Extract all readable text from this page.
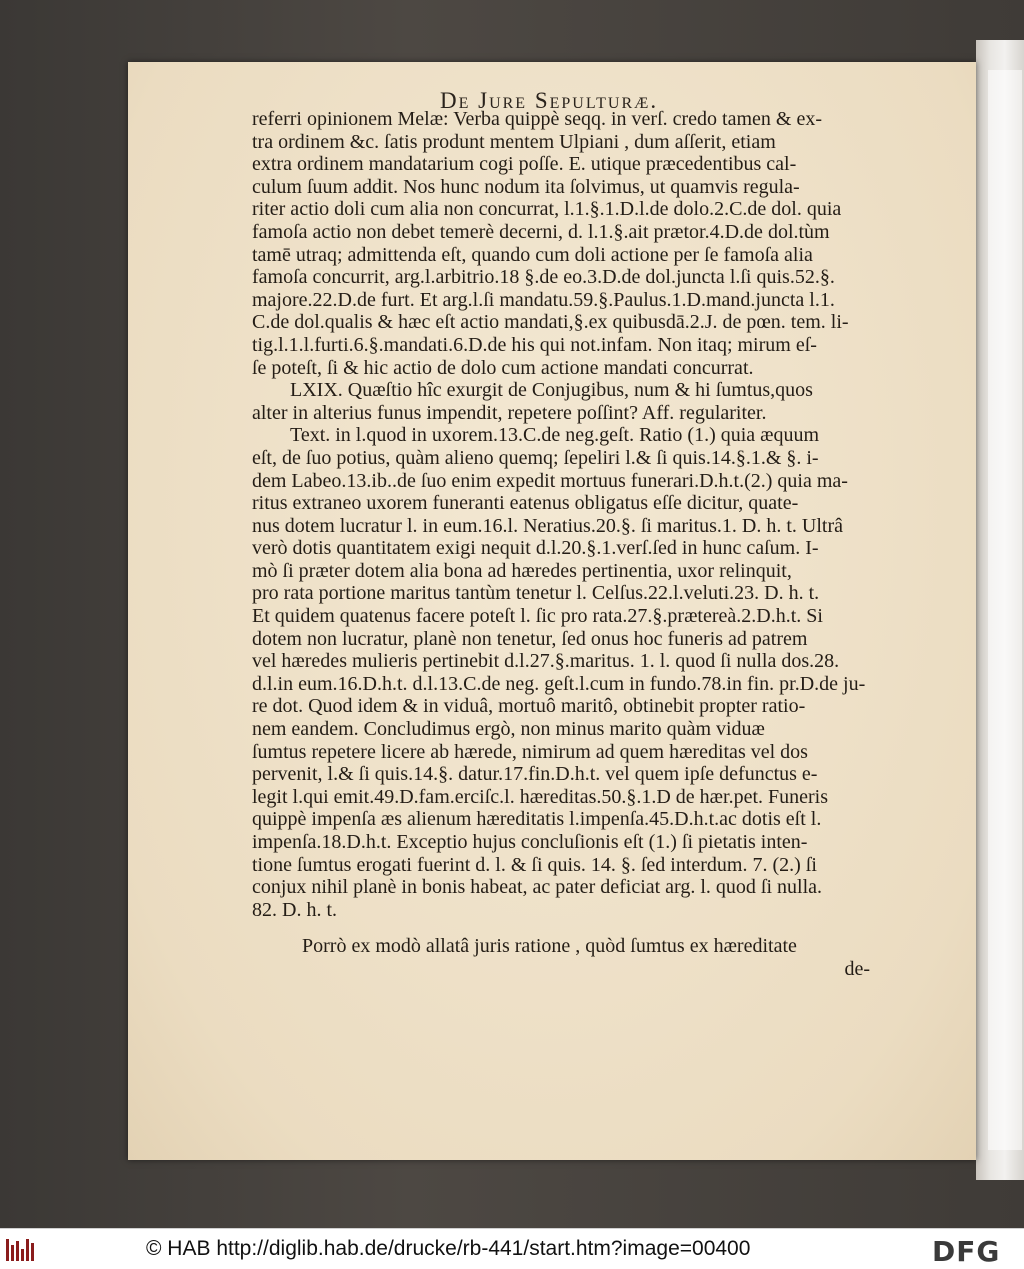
De Jure Sepulturæ.
referri opinionem Melæ: Verba quippè seqq. in verſ. credo tamen & ex-
tra ordinem &c. ſatis produnt mentem Ulpiani , dum aſſerit, etiam
extra ordinem mandatarium cogi poſſe. E. utique præcedentibus cal-
culum ſuum addit. Nos hunc nodum ita ſolvimus, ut quamvis regula-
riter actio doli cum alia non concurrat, l.1.§.1.D.l.de dolo.2.C.de dol. quia
famoſa actio non debet temerè decerni, d. l.1.§.ait prætor.4.D.de dol.tùm
tamē utraq; admittenda eſt, quando cum doli actione per ſe famoſa alia
famoſa concurrit, arg.l.arbitrio.18 §.de eo.3.D.de dol.juncta l.ſi quis.52.§.
majore.22.D.de furt. Et arg.l.ſi mandatu.59.§.Paulus.1.D.mand.juncta l.1.
C.de dol.qualis & hæc eſt actio mandati,§.ex quibusdā.2.J. de pœn. tem. li-
tig.l.1.l.furti.6.§.mandati.6.D.de his qui not.infam. Non itaq; mirum eſ-
ſe poteſt, ſi & hic actio de dolo cum actione mandati concurrat.
LXIX. Quæſtio hîc exurgit de Conjugibus, num & hi ſumtus,quos
alter in alterius funus impendit, repetere poſſint? Aff. regulariter.
Text. in l.quod in uxorem.13.C.de neg.geſt. Ratio (1.) quia æquum
eſt, de ſuo potius, quàm alieno quemq; ſepeliri l.& ſi quis.14.§.1.& §. i-
dem Labeo.13.ib..de ſuo enim expedit mortuus funerari.D.h.t.(2.) quia ma-
ritus extraneo uxorem funeranti eatenus obligatus eſſe dicitur, quate-
nus dotem lucratur l. in eum.16.l. Neratius.20.§. ſi maritus.1. D. h. t. Ultrâ
verò dotis quantitatem exigi nequit d.l.20.§.1.verſ.ſed in hunc caſum. I-
mò ſi præter dotem alia bona ad hæredes pertinentia, uxor relinquit,
pro rata portione maritus tantùm tenetur l. Celſus.22.l.veluti.23. D. h. t.
Et quidem quatenus facere poteſt l. ſic pro rata.27.§.prætereà.2.D.h.t. Si
dotem non lucratur, planè non tenetur, ſed onus hoc funeris ad patrem
vel hæredes mulieris pertinebit d.l.27.§.maritus. 1. l. quod ſi nulla dos.28.
d.l.in eum.16.D.h.t. d.l.13.C.de neg. geſt.l.cum in fundo.78.in fin. pr.D.de ju-
re dot. Quod idem & in viduâ, mortuô maritô, obtinebit propter ratio-
nem eandem. Concludimus ergò, non minus marito quàm viduæ
ſumtus repetere licere ab hærede, nimirum ad quem hæreditas vel dos
pervenit, l.& ſi quis.14.§. datur.17.fin.D.h.t. vel quem ipſe defunctus e-
legit l.qui emit.49.D.fam.erciſc.l. hæreditas.50.§.1.D de hær.pet. Funeris
quippè impenſa æs alienum hæreditatis l.impenſa.45.D.h.t.ac dotis eſt l.
impenſa.18.D.h.t. Exceptio hujus concluſionis eſt (1.) ſi pietatis inten-
tione ſumtus erogati fuerint d. l. & ſi quis. 14. §. ſed interdum. 7. (2.) ſi
conjux nihil planè in bonis habeat, ac pater deficiat arg. l. quod ſi nulla.
82. D. h. t.
Porrò ex modò allatâ juris ratione , quòd ſumtus ex hæreditate
de-
© HAB http://diglib.hab.de/drucke/rb-441/start.htm?image=00400	DFG
